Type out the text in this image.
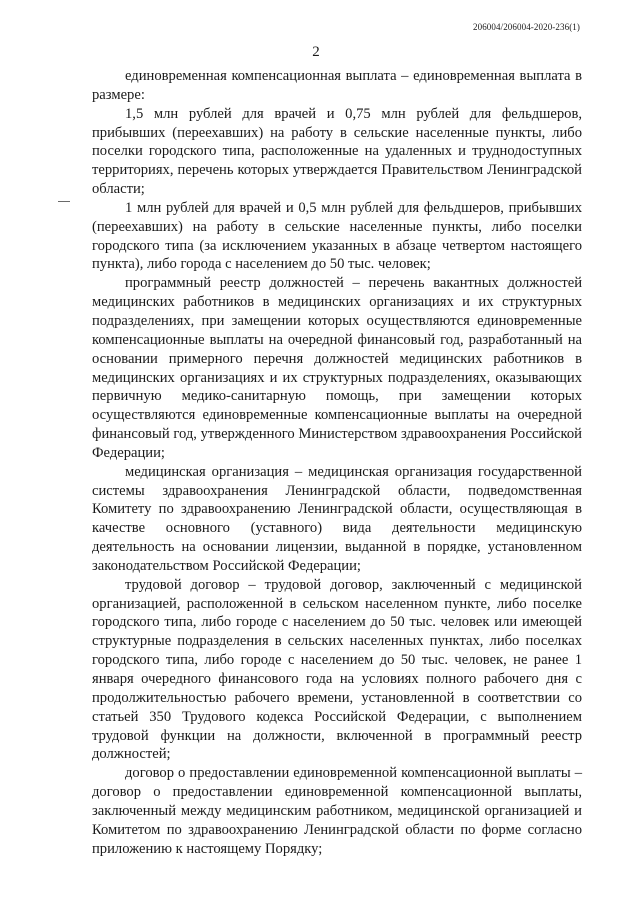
206004/206004-2020-236(1)
2

единовременная компенсационная выплата – единовременная выплата в размере:

1,5 млн рублей для врачей и 0,75 млн рублей для фельдшеров, прибывших (переехавших) на работу в сельские населенные пункты, либо поселки городского типа, расположенные на удаленных и труднодоступных территориях, перечень которых утверждается Правительством Ленинградской области;

1 млн рублей для врачей и 0,5 млн рублей для фельдшеров, прибывших (переехавших) на работу в сельские населенные пункты, либо поселки городского типа (за исключением указанных в абзаце четвертом настоящего пункта), либо города с населением до 50 тыс. человек;

программный реестр должностей – перечень вакантных должностей медицинских работников в медицинских организациях и их структурных подразделениях, при замещении которых осуществляются единовременные компенсационные выплаты на очередной финансовый год, разработанный на основании примерного перечня должностей медицинских работников в медицинских организациях и их структурных подразделениях, оказывающих первичную медико-санитарную помощь, при замещении которых осуществляются единовременные компенсационные выплаты на очередной финансовый год, утвержденного Министерством здравоохранения Российской Федерации;

медицинская организация – медицинская организация государственной системы здравоохранения Ленинградской области, подведомственная Комитету по здравоохранению Ленинградской области, осуществляющая в качестве основного (уставного) вида деятельности медицинскую деятельность на основании лицензии, выданной в порядке, установленном законодательством Российской Федерации;

трудовой договор – трудовой договор, заключенный с медицинской организацией, расположенной в сельском населенном пункте, либо поселке городского типа, либо городе с населением до 50 тыс. человек или имеющей структурные подразделения в сельских населенных пунктах, либо поселках городского типа, либо городе с населением до 50 тыс. человек, не ранее 1 января очередного финансового года на условиях полного рабочего дня с продолжительностью рабочего времени, установленной в соответствии со статьей 350 Трудового кодекса Российской Федерации, с выполнением трудовой функции на должности, включенной в программный реестр должностей;

договор о предоставлении единовременной компенсационной выплаты – договор о предоставлении единовременной компенсационной выплаты, заключенный между медицинским работником, медицинской организацией и Комитетом по здравоохранению Ленинградской области по форме согласно приложению к настоящему Порядку;
